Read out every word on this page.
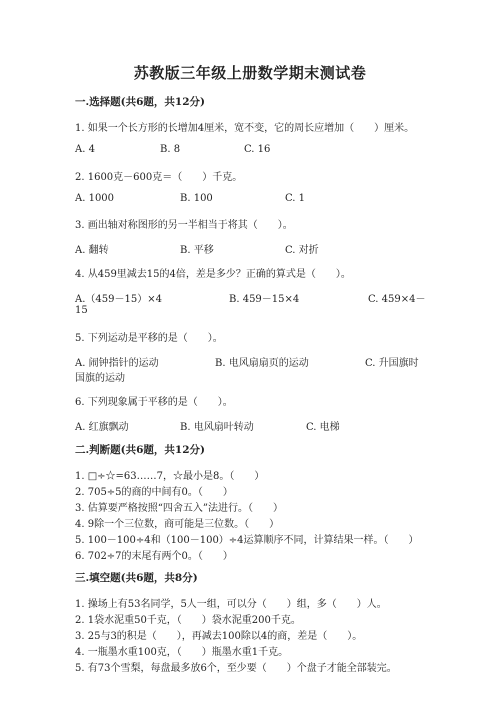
苏教版三年级上册数学期末测试卷
一.选择题(共6题，共12分)
1. 如果一个长方形的长增加4厘米，宽不变，它的周长应增加（　　）厘米。
A. 4	B. 8	C. 16
2. 1600克－600克＝（　　）千克。
A. 1000	B. 100	C. 1
3. 画出轴对称图形的另一半相当于将其（　　）。
A. 翻转	B. 平移	C. 对折
4. 从459里减去15的4倍，差是多少？正确的算式是（　　）。
A.（459－15）×4	B. 459－15×4	C. 459×4－
15
5. 下列运动是平移的是（　　）。
A. 闹钟指针的运动	B. 电风扇扇页的运动	C. 升国旗时
国旗的运动
6. 下列现象属于平移的是（　　）。
A. 红旗飘动	B. 电风扇叶转动	C. 电梯
二.判断题(共6题，共12分)
1. □÷☆=63……7，☆最小是8。（　　）
2. 705÷5的商的中间有0。（　　）
3. 估算要严格按照“四舍五入”法进行。（　　）
4. 9除一个三位数，商可能是三位数。（　　）
5. 100－100÷4和（100－100）÷4运算顺序不同，计算结果一样。（　　）
6. 702÷7的末尾有两个0。（　　）
三.填空题(共6题，共8分)
1. 操场上有53名同学，5人一组，可以分（　　）组，多（　　）人。
2. 1袋水泥重50千克，（　　）袋水泥重200千克。
3. 25与3的积是（　　），再减去100除以4的商，差是（　　）。
4. 一瓶墨水重100克，（　　）瓶墨水重1千克。
5. 有73个雪梨，每盘最多放6个，至少要（　　）个盘子才能全部装完。
